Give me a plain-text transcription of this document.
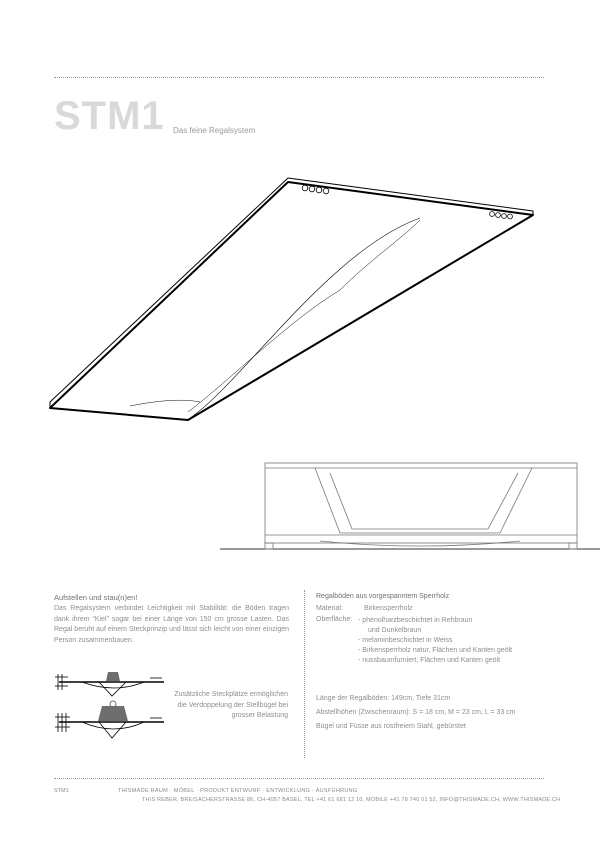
STM1 Das feine Regalsystem
Aufstellen und stau(n)en!
Das Regalsystem verbindet Leichtigkeit mit Stabilität: die Böden tragen dank ihrem “Kiel” sogar bei einer Länge von 150 cm grosse Lasten. Das Regal beruht auf einem Steckprinzip und lässt sich leicht von einer einzigen Person zusammenbauen.
Zusätzliche Steckplätze ermöglichen die Verdoppelung der Stellbügel bei grosser Belastung
Regalböden aus vorgespanntem Sperrholz
Material:	Birkensperrholz
Oberfläche: - phenolharzbeschichtet in Rehbraun
und Dunkelbraun
- melaminbeschichtet in Weiss
- Birkensperrholz natur, Flächen und Kanten geölt
- nussbaumfurniert, Flächen und Kanten geölt
Länge der Regalböden: 149cm, Tiefe 31cm
Abstellhöhen (Zwischenraum): S = 18 cm, M = 23 cm, L = 33 cm
Bügel und Füsse aus rostfreiem Stahl, gebürstet
STM1	THISMADE RAUM · MÖBEL · PRODUKT ENTWURF · ENTWICKLUNG · AUSFÜHRUNG
THIS REBER, BREISACHERSTRASSE 86, CH-4057 BASEL, TEL +41 61 681 12 10, MOBILE +41 78 740 01 52, INFO@THISMADE.CH, WWW.THISMADE.CH
